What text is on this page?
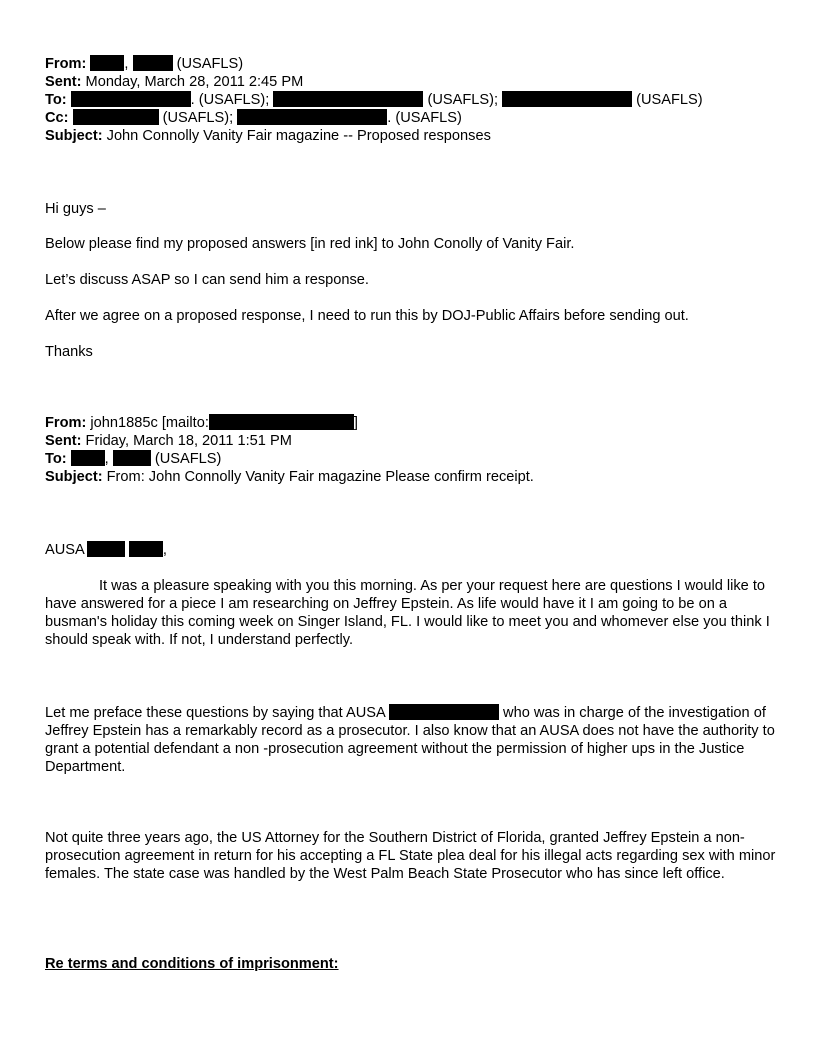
From:	,	(USAFLS)
Sent: Monday, March 28, 2011 2:45 PM
To:	. (USAFLS);	(USAFLS);	(USAFLS)
Cc:	(USAFLS);	. (USAFLS)
Subject: John Connolly Vanity Fair magazine -- Proposed responses
Hi guys –
Below please find my proposed answers [in red ink] to John Conolly of Vanity Fair.
Let’s discuss ASAP so I can send him a response.
After we agree on a proposed response, I need to run this by DOJ-Public Affairs before sending out.
Thanks
From: john1885c [mailto:	]
Sent: Friday, March 18, 2011 1:51 PM
To:	,	(USAFLS)
Subject: From: John Connolly Vanity Fair magazine Please confirm receipt.
AUSA	,
It was a pleasure speaking with you this morning. As per your request here are questions I would like to have answered for a piece I am researching on Jeffrey Epstein. As life would have it I am going to be on a busman's holiday this coming week on Singer Island, FL. I would like to meet you and whomever else you think I should speak with. If not, I understand perfectly.
Let me preface these questions by saying that AUSA	who was in charge of the investigation of Jeffrey Epstein has a remarkably record as a prosecutor. I also know that an AUSA does not have the authority to grant a potential defendant a non -prosecution agreement without the permission of higher ups in the Justice Department.
Not quite three years ago, the US Attorney for the Southern District of Florida, granted Jeffrey Epstein a non-prosecution agreement in return for his accepting a FL State plea deal for his illegal acts regarding sex with minor females. The state case was handled by the West Palm Beach State Prosecutor who has since left office.
Re terms and conditions of imprisonment:
